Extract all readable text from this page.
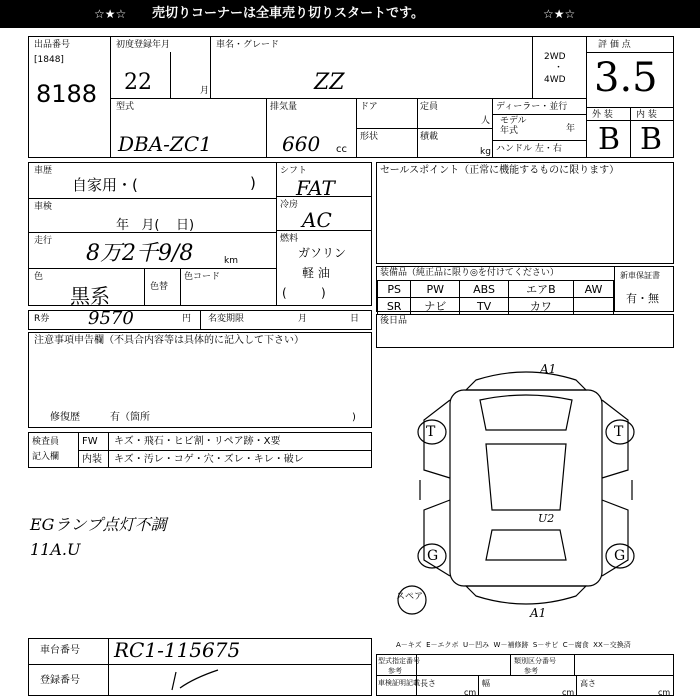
☆★☆

売切りコーナーは全車売り切りスタートです。

	☆★☆

出品番号
[1848]
8188
初度登録年月
22	月
車名・グレード
ZZ
2WD
・
4WD
評 価 点
3.5
型式
DBA-ZC1
排気量
660 cc
ドア
形状
定員
人
積載
kg
ディーラー・並行
モデル
年式	年
ハンドル 左・右
外 装	内 装
B B
車歴
自家用・(	)
車検
年   月(    日)
走行 8万2千9/8	km
色
黒系	色替
色コード
シフト
FAT
冷房
AC
燃料
ガソリン
軽 油
(         )
セールスポイント（正常に機能するものに限ります）
装備品（純正品に限り◎を付けてください）
PS	PW	ABS	エアB	AW
SR	ナビ	TV	カワ	
新車保証書
有・無
R券 9570	円 名変期限	月	日 後日品
注意事項申告欄（不具合内容等は具体的に記入して下さい）
修復歴	有（箇所	)
検査員
記入欄
FW キズ・飛石・ヒビ割・リペア跡・X要
内装 キズ・汚レ・コゲ・穴・ズレ・キレ・破レ
EGランプ点灯不調
11A.U
A1
T	T
G	G
A1
U2
スペア
A－キズ  E－エクボ  U－凹み  W－補修跡  S－サビ  C－腐食  XX－交換済
車台番号 RC1-115675
登録番号
型式指定番号
参考
類別区分番号
参考
車検証明記載 長さ
cm
幅
cm
高さ
cm
